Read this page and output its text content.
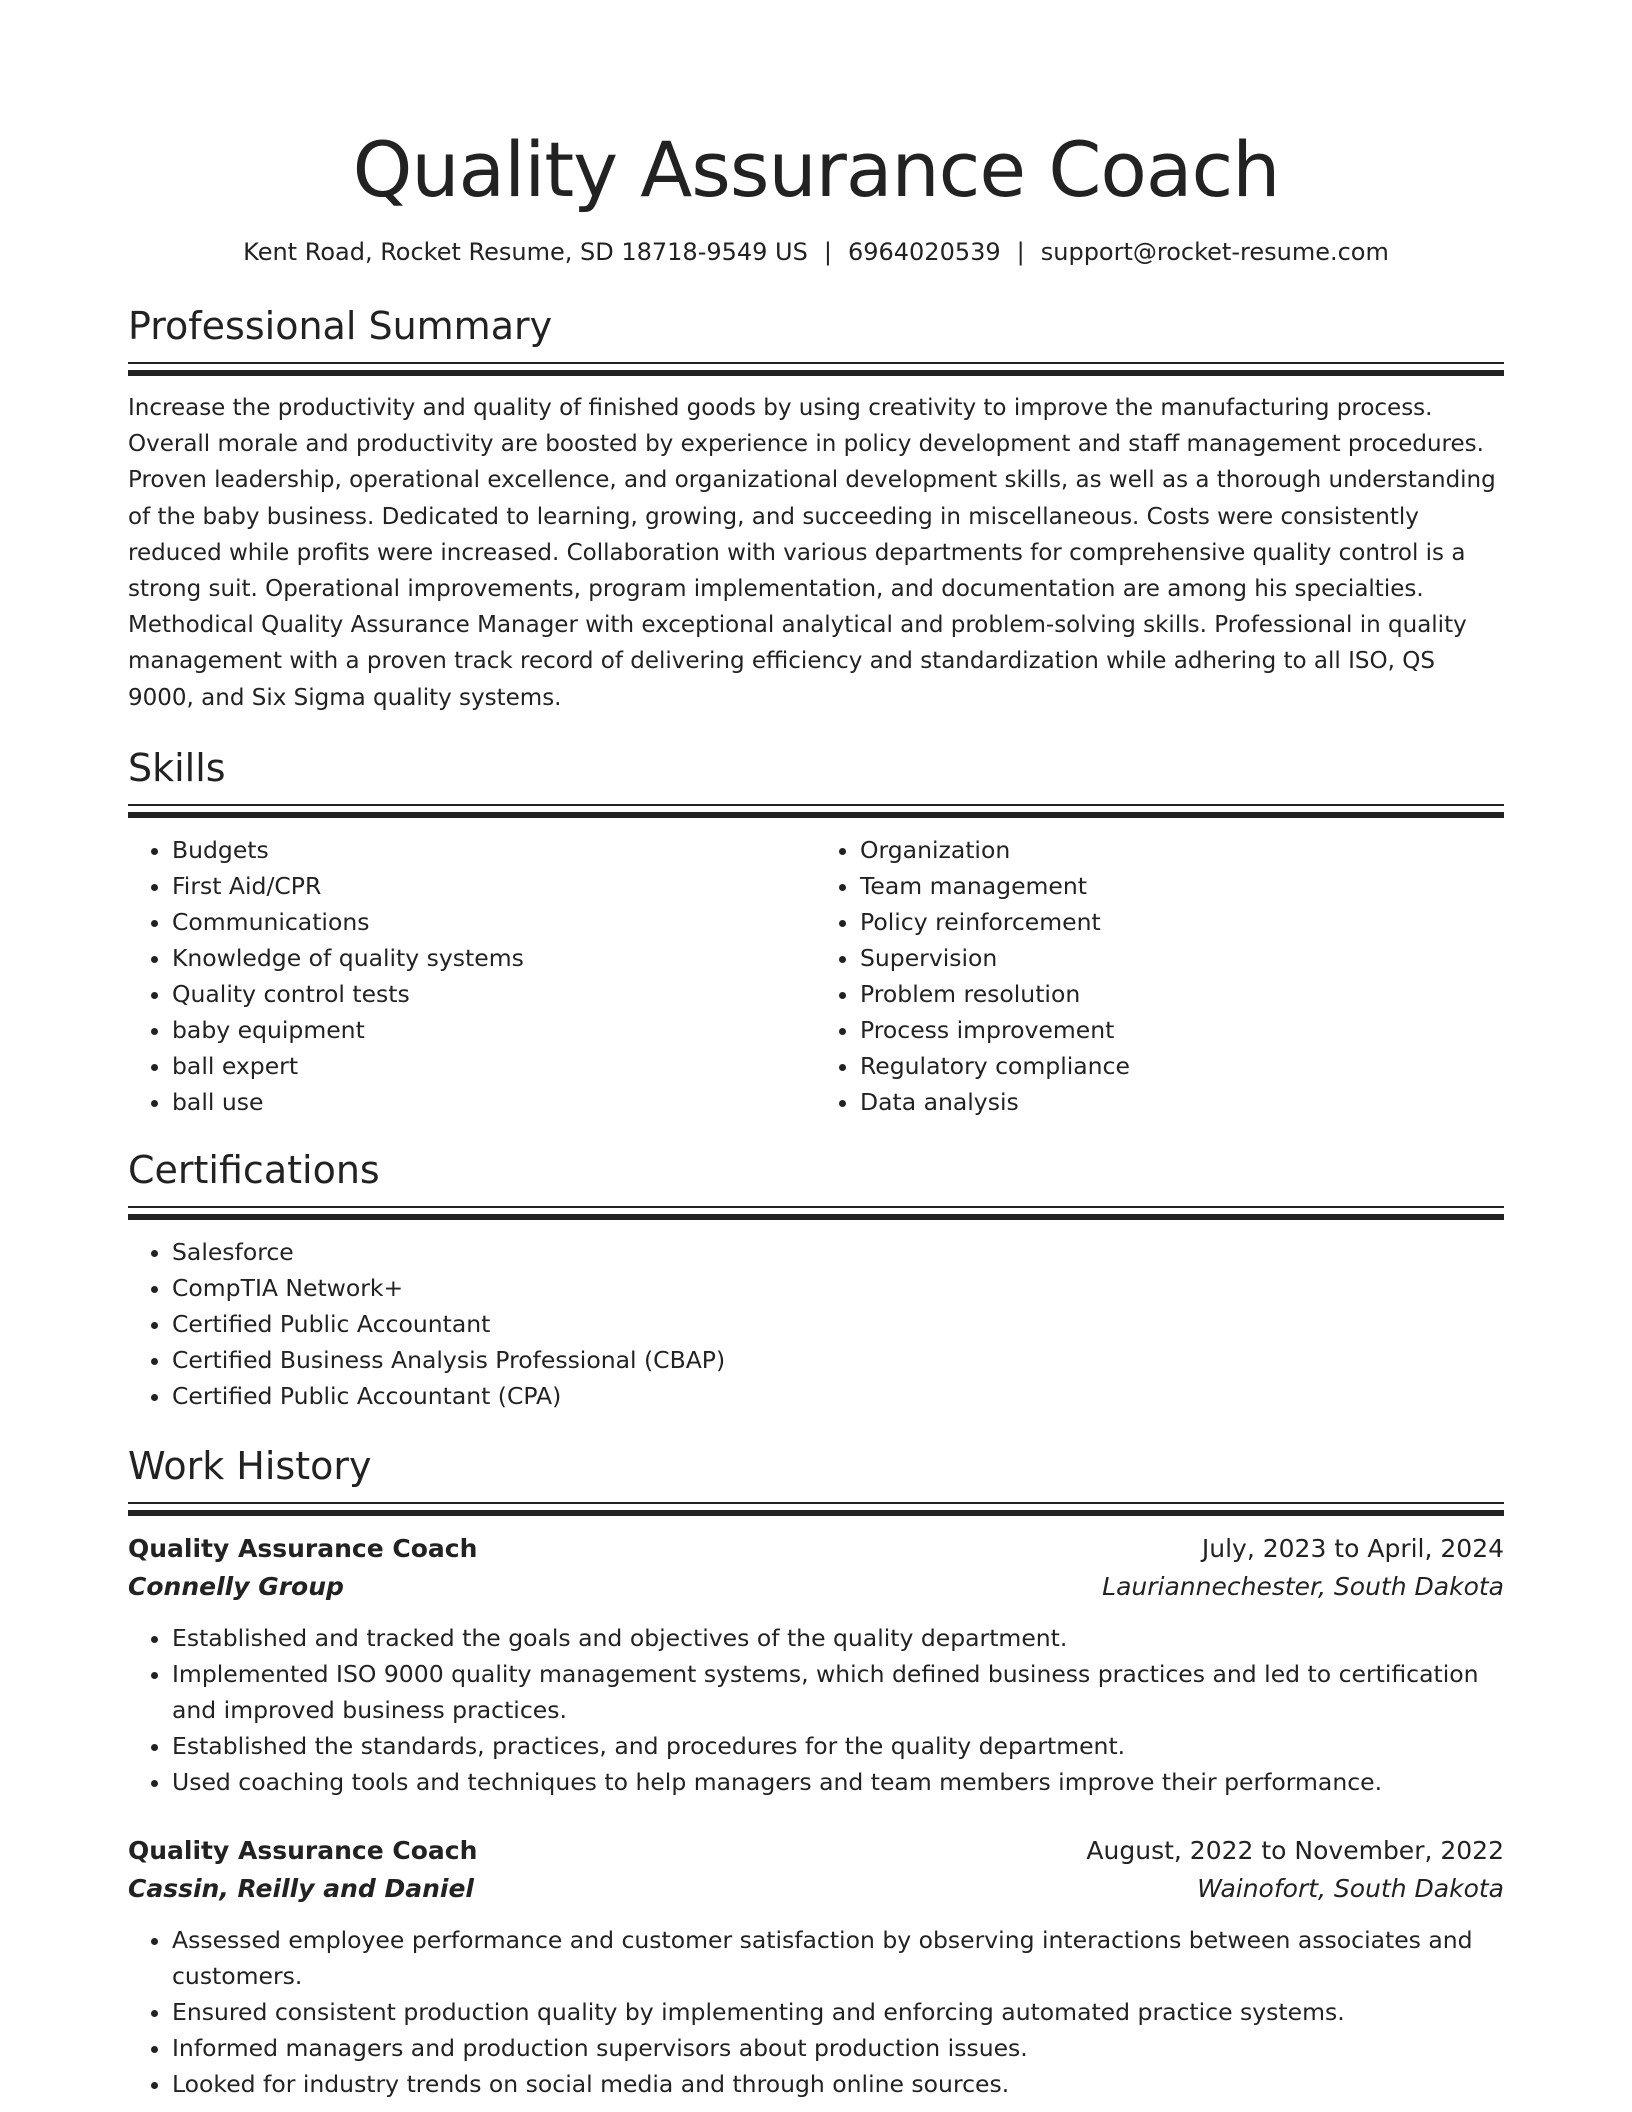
Quality Assurance Coach
Kent Road, Rocket Resume, SD 18718-9549 US | 6964020539 | support@rocket-resume.com
Professional Summary

Increase the productivity and quality of finished goods by using creativity to improve the manufacturing process. Overall morale and productivity are boosted by experience in policy development and staff management procedures. Proven leadership, operational excellence, and organizational development skills, as well as a thorough understanding of the baby business. Dedicated to learning, growing, and succeeding in miscellaneous. Costs were consistently reduced while profits were increased. Collaboration with various departments for comprehensive quality control is a strong suit. Operational improvements, program implementation, and documentation are among his specialties. Methodical Quality Assurance Manager with exceptional analytical and problem-solving skills. Professional in quality management with a proven track record of delivering efficiency and standardization while adhering to all ISO, QS 9000, and Six Sigma quality systems.

Skills
• Budgets
• First Aid/CPR
• Communications
• Knowledge of quality systems
• Quality control tests
• baby equipment
• ball expert
• ball use
• Organization
• Team management
• Policy reinforcement
• Supervision
• Problem resolution
• Process improvement
• Regulatory compliance
• Data analysis
Certifications
• Salesforce
• CompTIA Network+
• Certified Public Accountant
• Certified Business Analysis Professional (CBAP)
• Certified Public Accountant (CPA)
Work History
Quality Assurance Coach	July, 2023 to April, 2024
Connelly Group	Lauriannechester, South Dakota
• Established and tracked the goals and objectives of the quality department.
• Implemented ISO 9000 quality management systems, which defined business practices and led to certification and improved business practices.
• Established the standards, practices, and procedures for the quality department.
• Used coaching tools and techniques to help managers and team members improve their performance.
Quality Assurance Coach	August, 2022 to November, 2022
Cassin, Reilly and Daniel	Wainofort, South Dakota
• Assessed employee performance and customer satisfaction by observing interactions between associates and customers.
• Ensured consistent production quality by implementing and enforcing automated practice systems.
• Informed managers and production supervisors about production issues.
• Looked for industry trends on social media and through online sources.
